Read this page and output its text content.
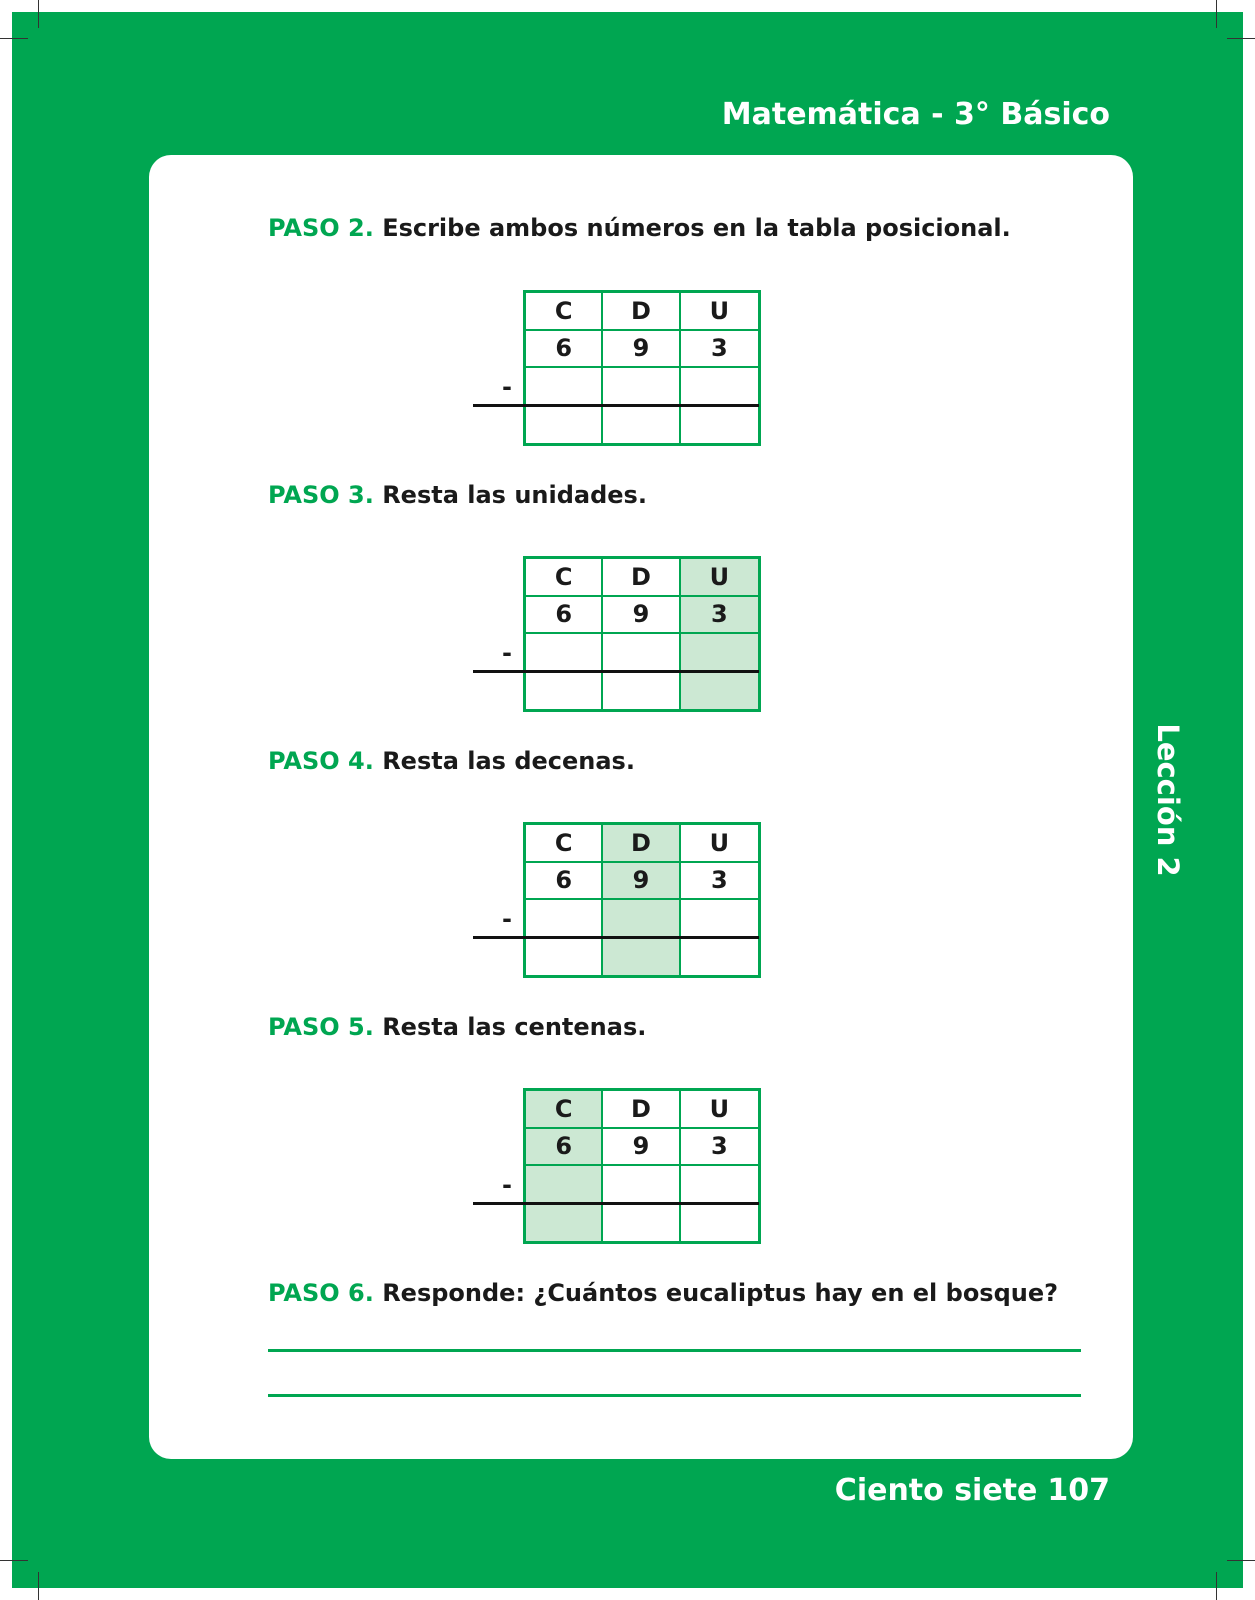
Matemática - 3° Básico
Lección 2
Ciento siete 107
PASO 2. Escribe ambos números en la tabla posicional.
C	D	U
6	9	3
-
PASO 3. Resta las unidades.
C	D	U
6	9	3
-
PASO 4. Resta las decenas.
C	D	U
6	9	3
-
PASO 5. Resta las centenas.
C	D	U
6	9	3
-
PASO 6. Responde: ¿Cuántos eucaliptus hay en el bosque?
